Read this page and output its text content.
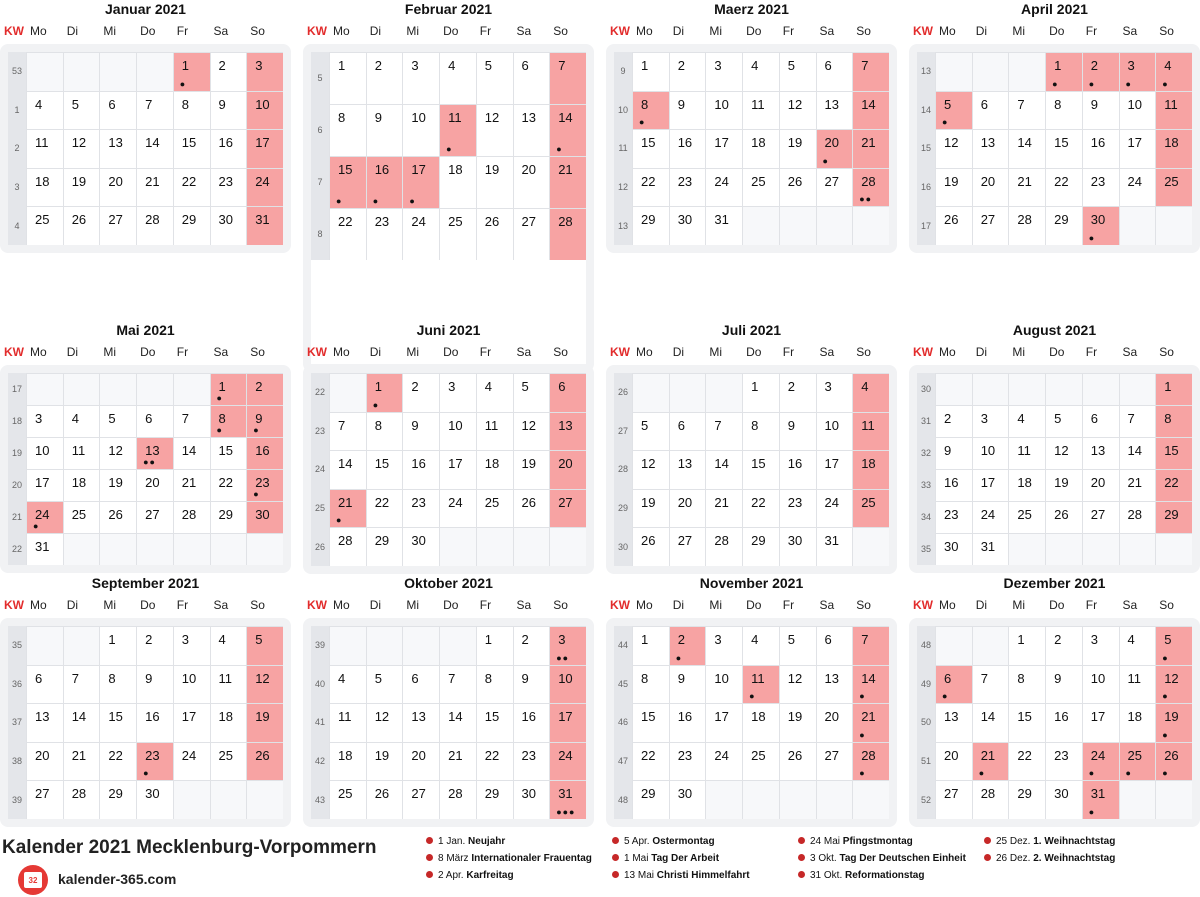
Januar 2021
KW Mo Di Mi Do Fr Sa So
53
1
2
3
4
1
●
2 3
4 5 6 7 8 9 10
11 12 13 14 15 16 17
18 19 20 21 22 23 24
25 26 27 28 29 30 31
Februar 2021
KW Mo Di Mi Do Fr Sa So
5
6
7
8
1 2 3 4 5 6 7
8 9 10 11
●
12 13 14
●
15
●
16
●
17
●
18 19 20 21
22 23 24 25 26 27 28
Maerz 2021
KW Mo Di Mi Do Fr Sa So
9
10
11
12
13
1 2 3 4 5 6 7
8
●
9 10 11 12 13 14
15 16 17 18 19 20
●
21
22 23 24 25 26 27 28
●●
29 30 31
April 2021
KW Mo Di Mi Do Fr Sa So
13
14
15
16
17
1
●
2
●
3
●
4
●
5
●
6 7 8 9 10 11
12 13 14 15 16 17 18
19 20 21 22 23 24 25
26 27 28 29 30
●
Mai 2021
KW Mo Di Mi Do Fr Sa So
17
18
19
20
21
22
1
●
2
3 4 5 6 7 8
●
9
●
10 11 12 13
●●
14 15 16
17 18 19 20 21 22 23
●
24
●
25 26 27 28 29 30
31
Juni 2021
KW Mo Di Mi Do Fr Sa So
22
23
24
25
26
1
●
2 3 4 5 6
7 8 9 10 11 12 13
14 15 16 17 18 19 20
21
●
22 23 24 25 26 27
28 29 30
Juli 2021
KW Mo Di Mi Do Fr Sa So
26
27
28
29
30
1 2 3 4
5 6 7 8 9 10 11
12 13 14 15 16 17 18
19 20 21 22 23 24 25
26 27 28 29 30 31
August 2021
KW Mo Di Mi Do Fr Sa So
30
31
32
33
34
35
1
2 3 4 5 6 7 8
9 10 11 12 13 14 15
16 17 18 19 20 21 22
23 24 25 26 27 28 29
30 31
September 2021
KW Mo Di Mi Do Fr Sa So
35
36
37
38
39
1 2 3 4 5
6 7 8 9 10 11 12
13 14 15 16 17 18 19
20 21 22 23
●
24 25 26
27 28 29 30
Oktober 2021
KW Mo Di Mi Do Fr Sa So
39
40
41
42
43
1 2 3
●●
4 5 6 7 8 9 10
11 12 13 14 15 16 17
18 19 20 21 22 23 24
25 26 27 28 29 30 31
●●●
November 2021
KW Mo Di Mi Do Fr Sa So
44
45
46
47
48
1 2
●
3 4 5 6 7
8 9 10 11
●
12 13 14
●
15 16 17 18 19 20 21
●
22 23 24 25 26 27 28
●
29 30
Dezember 2021
KW Mo Di Mi Do Fr Sa So
48
49
50
51
52
1 2 3 4 5
●
6
●
7 8 9 10 11 12
●
13 14 15 16 17 18 19
●
20 21
●
22 23 24
●
25
●
26
●
27 28 29 30 31
●
Kalender 2021 Mecklenburg-Vorpommern
32	kalender-365.com
1 Jan. Neujahr
8 März Internationaler Frauentag
2 Apr. Karfreitag
5 Apr. Ostermontag
1 Mai Tag Der Arbeit
13 Mai Christi Himmelfahrt
24 Mai Pfingstmontag
3 Okt. Tag Der Deutschen Einheit
31 Okt. Reformationstag
25 Dez. 1. Weihnachtstag
26 Dez. 2. Weihnachtstag
